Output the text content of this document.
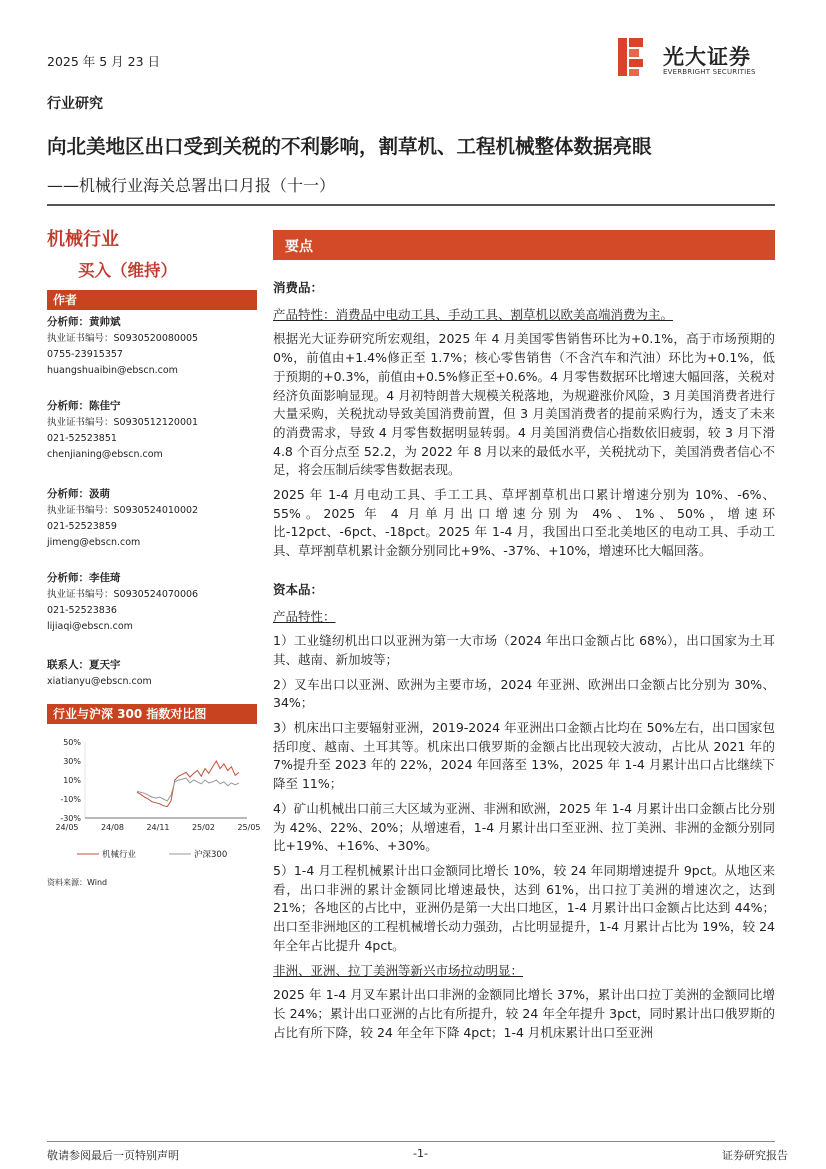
2025 年 5 月 23 日	光大证券
EVERBRIGHT SECURITIES
行业研究
向北美地区出口受到关税的不利影响，割草机、工程机械整体数据亮眼
——机械行业海关总署出口月报（十一）
机械行业
买入（维持）
作者
分析师：黄帅斌
执业证书编号：S0930520080005
0755-23915357
huangshuaibin@ebscn.com
分析师：陈佳宁
执业证书编号：S0930512120001
021-52523851
chenjianing@ebscn.com
分析师：汲萌
执业证书编号：S0930524010002
021-52523859
jimeng@ebscn.com
分析师：李佳琦
执业证书编号：S0930524070006
021-52523836
lijiaqi@ebscn.com
联系人：夏天宇
xiatianyu@ebscn.com
行业与沪深 300 指数对比图
50%
30%
10%
-10%
-30%
24/05	24/08	24/11	25/02	25/05
机械行业	沪深300
资料来源：Wind
要点

消费品：

产品特性：消费品中电动工具、手动工具、割草机以欧美高端消费为主。

根据光大证券研究所宏观组，2025 年 4 月美国零售销售环比为+0.1%，高于市场预期的 0%，前值由+1.4%修正至 1.7%；核心零售销售（不含汽车和汽油）环比为+0.1%，低于预期的+0.3%，前值由+0.5%修正至+0.6%。4 月零售数据环比增速大幅回落，关税对经济负面影响显现。4 月初特朗普大规模关税落地，为规避涨价风险，3 月美国消费者进行大量采购，关税扰动导致美国消费前置，但 3 月美国消费者的提前采购行为，透支了未来的消费需求，导致 4 月零售数据明显转弱。4 月美国消费信心指数依旧疲弱，较 3 月下滑 4.8 个百分点至 52.2，为 2022 年 8 月以来的最低水平，关税扰动下，美国消费者信心不足，将会压制后续零售数据表现。

2025 年 1-4 月电动工具、手工工具、草坪割草机出口累计增速分别为 10%、-6%、55%。2025 年 4 月单月出口增速分别为 4%、1%、50%，增速环比-12pct、-6pct、-18pct。2025 年 1-4 月，我国出口至北美地区的电动工具、手动工具、草坪割草机累计金额分别同比+9%、-37%、+10%，增速环比大幅回落。

资本品：

产品特性：

1）工业缝纫机出口以亚洲为第一大市场（2024 年出口金额占比 68%），出口国家为土耳其、越南、新加坡等；

2）叉车出口以亚洲、欧洲为主要市场，2024 年亚洲、欧洲出口金额占比分别为 30%、34%；

3）机床出口主要辐射亚洲，2019-2024 年亚洲出口金额占比均在 50%左右，出口国家包括印度、越南、土耳其等。机床出口俄罗斯的金额占比出现较大波动，占比从 2021 年的 7%提升至 2023 年的 22%，2024 年回落至 13%，2025 年 1-4 月累计出口占比继续下降至 11%；

4）矿山机械出口前三大区域为亚洲、非洲和欧洲，2025 年 1-4 月累计出口金额占比分别为 42%、22%、20%；从增速看，1-4 月累计出口至亚洲、拉丁美洲、非洲的金额分别同比+19%、+16%、+30%。

5）1-4 月工程机械累计出口金额同比增长 10%，较 24 年同期增速提升 9pct。从地区来看，出口非洲的累计金额同比增速最快，达到 61%，出口拉丁美洲的增速次之，达到 21%；各地区的占比中，亚洲仍是第一大出口地区，1-4 月累计出口金额占比达到 44%；出口至非洲地区的工程机械增长动力强劲，占比明显提升，1-4 月累计占比为 19%，较 24 年全年占比提升 4pct。

非洲、亚洲、拉丁美洲等新兴市场拉动明显：

2025 年 1-4 月叉车累计出口非洲的金额同比增长 37%，累计出口拉丁美洲的金额同比增长 24%；累计出口亚洲的占比有所提升，较 24 年全年提升 3pct，同时累计出口俄罗斯的占比有所下降，较 24 年全年下降 4pct；1-4 月机床累计出口至亚洲

敬请参阅最后一页特别声明	-1-	证券研究报告
